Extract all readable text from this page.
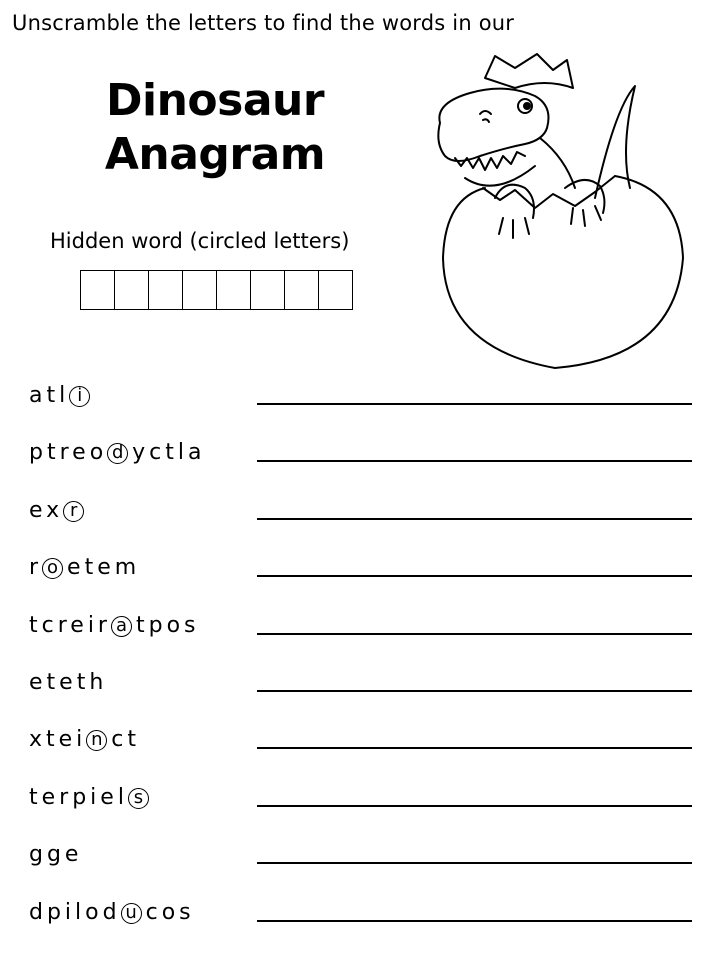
Unscramble the letters to find the words in our
Dinosaur
Anagram
Hidden word (circled letters)
atl i
ptreo d yctla
ex r
r o etem
tcreir a tpos
eteth
xtei n ct
terpiel s
gge
dpilod u cos
